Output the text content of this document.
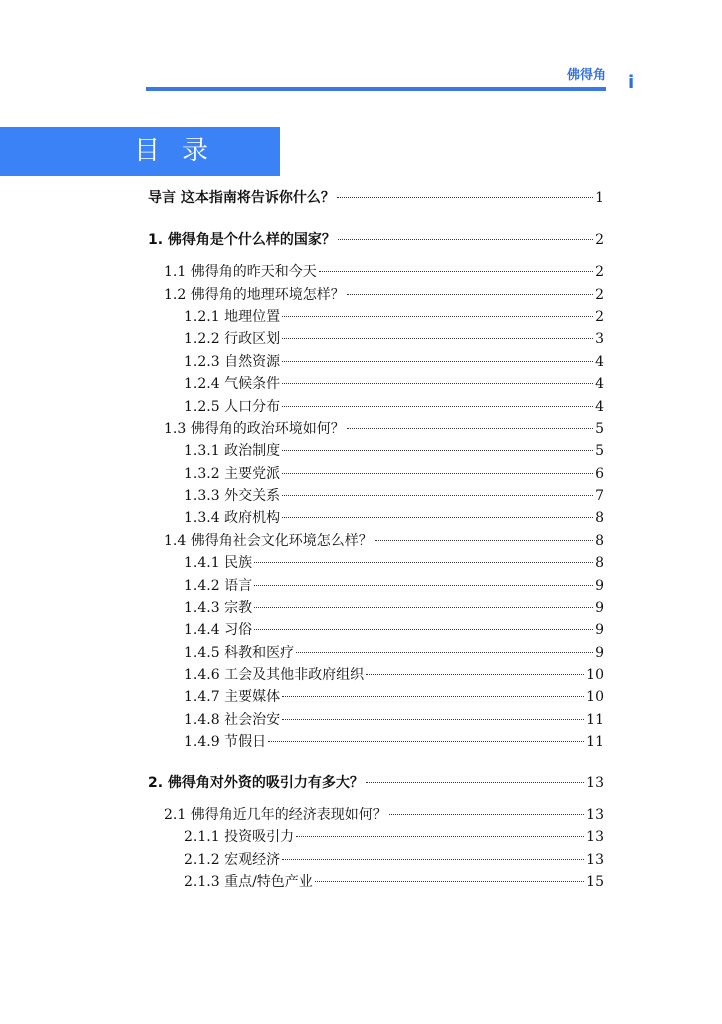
佛得角 i
目录
导言 这本指南将告诉你什么？	1
1. 佛得角是个什么样的国家？	2
1.1 佛得角的昨天和今天	2
1.2 佛得角的地理环境怎样？	2
1.2.1 地理位置	2
1.2.2 行政区划	3
1.2.3 自然资源	4
1.2.4 气候条件	4
1.2.5 人口分布	4
1.3 佛得角的政治环境如何？	5
1.3.1 政治制度	5
1.3.2 主要党派	6
1.3.3 外交关系	7
1.3.4 政府机构	8
1.4 佛得角社会文化环境怎么样？	8
1.4.1 民族	8
1.4.2 语言	9
1.4.3 宗教	9
1.4.4 习俗	9
1.4.5 科教和医疗	9
1.4.6 工会及其他非政府组织	10
1.4.7 主要媒体	10
1.4.8 社会治安	11
1.4.9 节假日	11
2. 佛得角对外资的吸引力有多大？	13
2.1 佛得角近几年的经济表现如何？	13
2.1.1 投资吸引力	13
2.1.2 宏观经济	13
2.1.3 重点/特色产业	15
